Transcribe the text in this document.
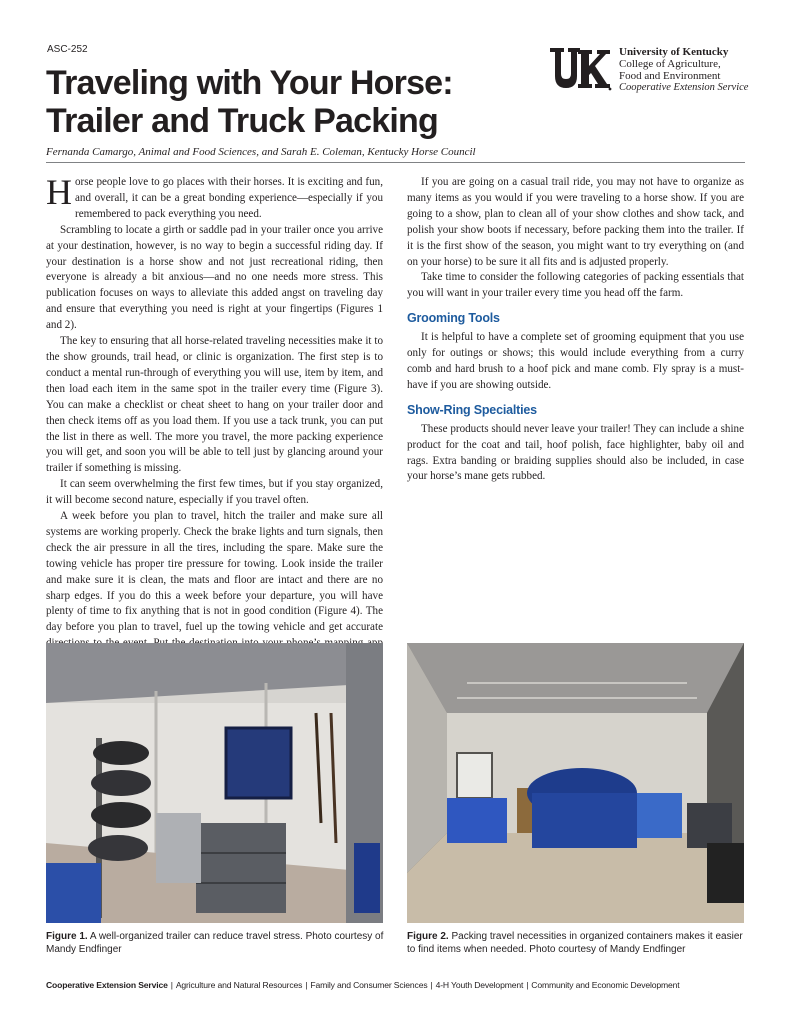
ASC-252
Traveling with Your Horse:
Trailer and Truck Packing
University of Kentucky
College of Agriculture,
Food and Environment
Cooperative Extension Service
Fernanda Camargo, Animal and Food Sciences, and Sarah E. Coleman, Kentucky Horse Council

Horse people love to go places with their horses. It is exciting and fun, and overall, it can be a great bonding experience—especially if you remembered to pack everything you need.

Scrambling to locate a girth or saddle pad in your trailer once you arrive at your destination, however, is no way to begin a successful riding day. If your destination is a horse show and not just recreational riding, then everyone is already a bit anxious—and no one needs more stress. This publication focuses on ways to alleviate this added angst on traveling day and ensure that everything you need is right at your fingertips (Figures 1 and 2).

The key to ensuring that all horse-related traveling necessities make it to the show grounds, trail head, or clinic is organization. The first step is to conduct a mental run-through of everything you will use, item by item, and then load each item in the same spot in the trailer every time (Figure 3). You can make a checklist or cheat sheet to hang on your trailer door and then check items off as you load them. If you use a tack trunk, you can put the list in there as well. The more you travel, the more packing experience you will get, and soon you will be able to tell just by glancing around your trailer if something is missing.

It can seem overwhelming the first few times, but if you stay organized, it will become second nature, especially if you travel often.

A week before you plan to travel, hitch the trailer and make sure all systems are working properly. Check the brake lights and turn signals, then check the air pressure in all the tires, including the spare. Make sure the towing vehicle has proper tire pressure for towing. Look inside the trailer and make sure it is clean, the mats and floor are intact and there are no sharp edges. If you do this a week before your departure, you will have plenty of time to fix anything that is not in good condition (Figure 4). The day before you plan to travel, fuel up the towing vehicle and get accurate

If you are going on a casual trail ride, you may not have to organize as many items as you would if you were traveling to a horse show. If you are going to a show, plan to clean all of your show clothes and show tack, and polish your show boots if necessary, before packing them into the trailer. If it is the first show of the season, you might want to try everything on (and on your horse) to be sure it all fits and is adjusted properly.

Take time to consider the following categories of packing essentials that you will want in your trailer every time you head off the farm.

Grooming Tools

It is helpful to have a complete set of grooming equipment that you use only for outings or shows; this would include everything from a curry comb and hard brush to a hoof pick and mane comb. Fly spray is a must-have if you are showing outside.

Show-Ring Specialties

These products should never leave your trailer! They can include a shine product for the coat and tail, hoof polish, face highlighter, baby oil and rags. Extra banding or braiding supplies should also be included, in case your horse’s mane gets rubbed.

Figure 1. A well-organized trailer can reduce travel stress. Photo courtesy of Mandy Endfinger
Figure 2. Packing travel necessities in organized containers makes it easier to find items when needed. Photo courtesy of Mandy Endfinger
Cooperative Extension Service | Agriculture and Natural Resources | Family and Consumer Sciences | 4-H Youth Development | Community and Economic Development
